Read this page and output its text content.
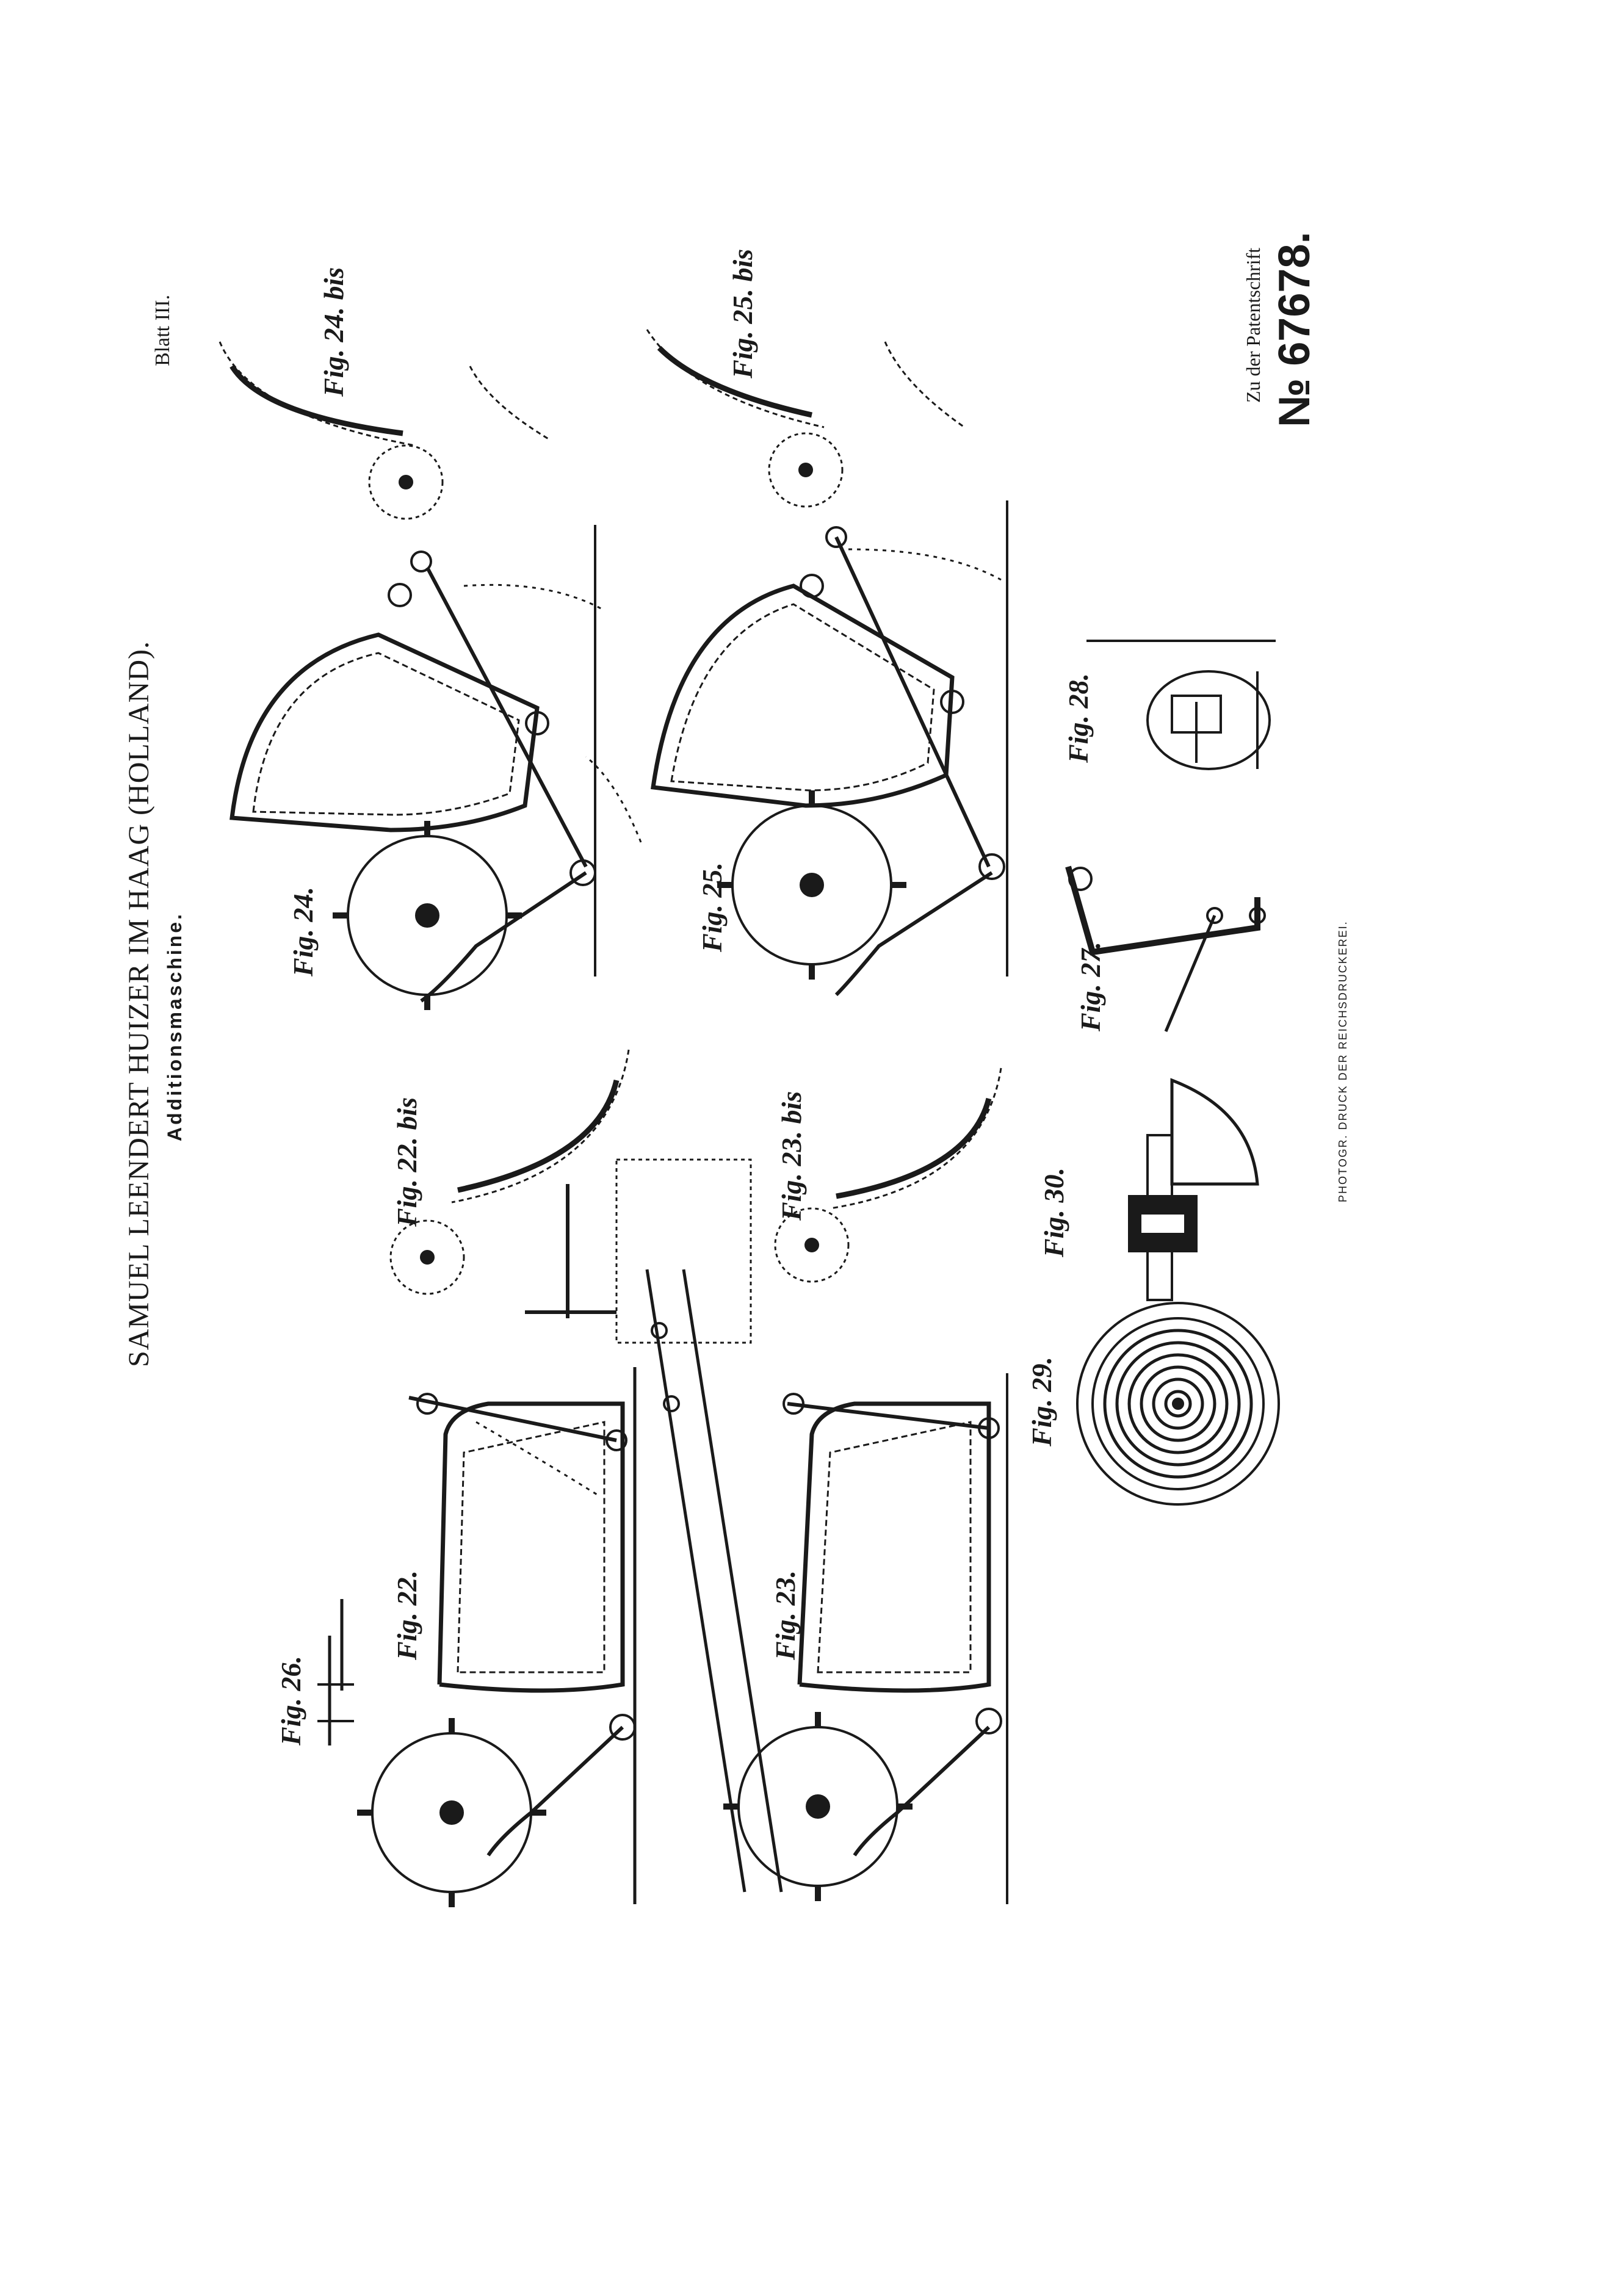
SAMUEL LEENDERT HUIZER IM HAAG (HOLLAND). Additionsmaschine.
Blatt III.	Zu der Patentschrift № 67678.
PHOTOGR. DRUCK DER REICHSDRUCKEREI.
Fig. 24.
Fig. 24. bis
Fig. 25.
Fig. 25. bis
Fig. 22.
Fig. 22. bis
Fig. 23.
Fig. 23. bis
Fig. 26.
Fig. 27.
Fig. 28.
Fig. 29.
Fig. 30.
